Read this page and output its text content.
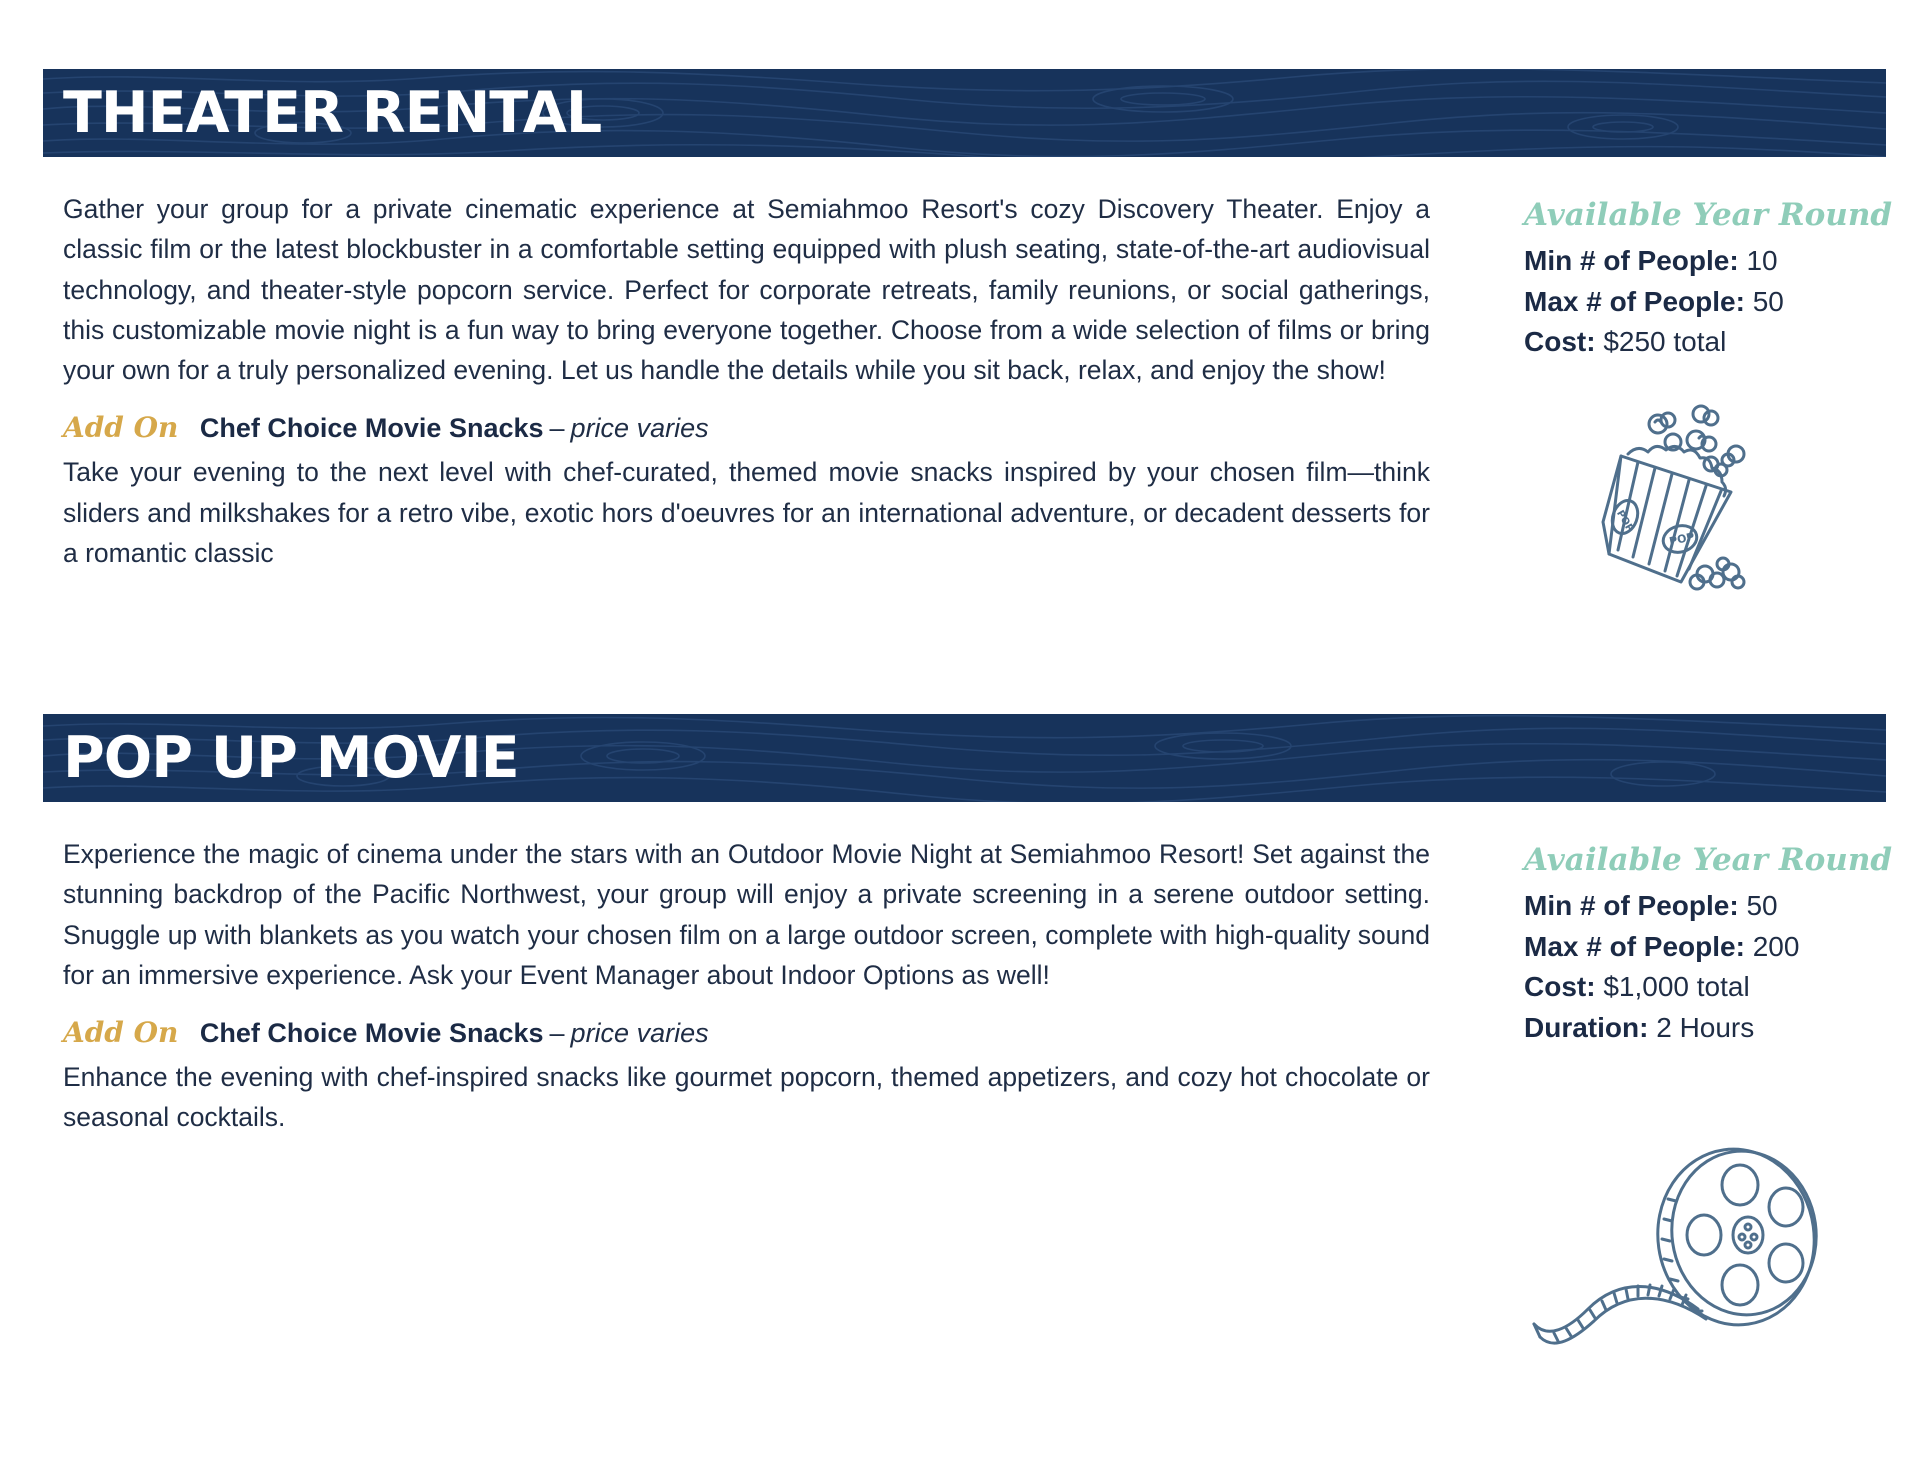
THEATER RENTAL

Gather your group for a private cinematic experience at Semiahmoo Resort's cozy Discovery Theater. Enjoy a classic film or the latest blockbuster in a comfortable setting equipped with plush seating, state-of-the-art audiovisual technology, and theater-style popcorn service. Perfect for corporate retreats, family reunions, or social gatherings, this customizable movie night is a fun way to bring everyone together. Choose from a wide selection of films or bring your own for a truly personalized evening. Let us handle the details while you sit back, relax, and enjoy the show!

Add On Chef Choice Movie Snacks – price varies

Take your evening to the next level with chef-curated, themed movie snacks inspired by your chosen film—think sliders and milkshakes for a retro vibe, exotic hors d'oeuvres for an international adventure, or decadent desserts for a romantic classic

Available Year Round

Min # of People: 10

Max # of People: 50

Cost: $250 total

POP
POP
POP UP MOVIE

Experience the magic of cinema under the stars with an Outdoor Movie Night at Semiahmoo Resort! Set against the stunning backdrop of the Pacific Northwest, your group will enjoy a private screening in a serene outdoor setting. Snuggle up with blankets as you watch your chosen film on a large outdoor screen, complete with high-quality sound for an immersive experience. Ask your Event Manager about Indoor Options as well!

Add On Chef Choice Movie Snacks – price varies

Enhance the evening with chef-inspired snacks like gourmet popcorn, themed appetizers, and cozy hot chocolate or seasonal cocktails.

Available Year Round

Min # of People: 50

Max # of People: 200

Cost: $1,000 total

Duration: 2 Hours
